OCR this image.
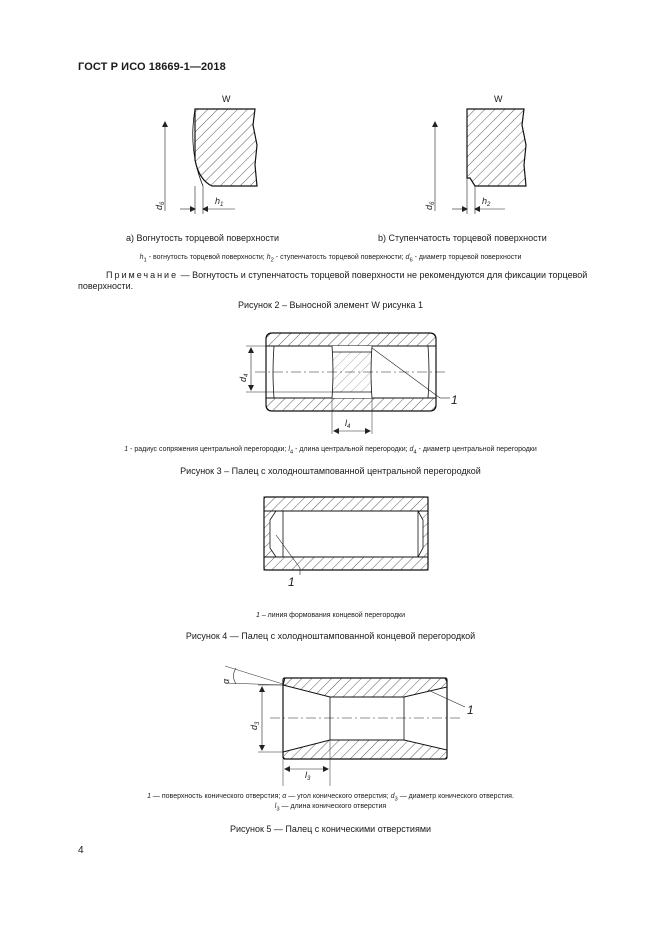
ГОСТ Р ИСО 18669-1—2018
W
$d_6$	$h_1$
W
$d_6$	$h_2$
$d_4$
$l_4$
1
1
α
$d_3$
$l_3$
1
а) Вогнутость торцевой поверхности	b) Ступенчатость торцевой поверхности
$h_1$ - вогнутость торцевой поверхности; $h_2$ - ступенчатость торцевой поверхности; $d_6$ - диаметр торцевой поверхности
Примечание — Вогнутость и ступенчатость торцевой поверхности не рекомендуются для фиксации торцевой поверхности.
Рисунок 2 – Выносной элемент W рисунка 1
1 - радиус сопряжения центральной перегородки; $l_4$ - длина центральной перегородки; $d_4$ - диаметр центральной перегородки
Рисунок 3 – Палец с холодноштампованной центральной перегородкой
1 – линия формования концевой перегородки
Рисунок 4 — Палец с холодноштампованной концевой перегородкой
1 — поверхность конического отверстия; α — угол конического отверстия; $d_3$ — диаметр конического отверстия.
$l_3$ — длина конического отверстия
Рисунок 5 — Палец с коническими отверстиями
4
